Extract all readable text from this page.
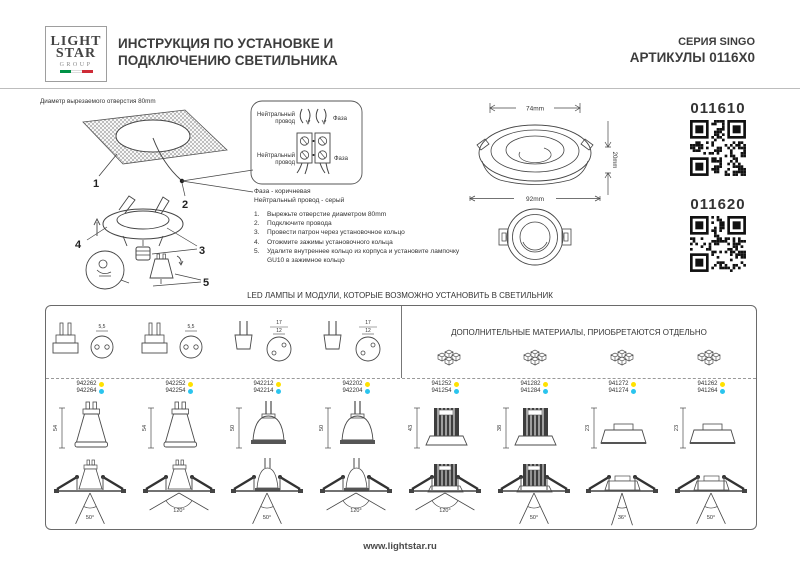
LIGHT
STAR
GROUP
ИНСТРУКЦИЯ ПО УСТАНОВКЕ И
ПОДКЛЮЧЕНИЮ СВЕТИЛЬНИКА
СЕРИЯ SINGO
АРТИКУЛЫ 0116Х0
Диаметр вырезаемого отверстия 80mm
1
2
4	3
5
Нейтральный
провод	Фаза
Нейтральный
провод
Фаза
Фаза - коричневая
Нейтральный провод - серый
1.	Вырежьте отверстие диаметром 80mm
2.	Подключите провода
3.	Провести патрон через установочное кольцо
4.	Отожмите зажимы установочного кольца
5.	Удалите внутреннее кольцо из корпуса и установите лампочку GU10 в зажимное кольцо
74mm
20mm
92mm
011610
011620
LED ЛАМПЫ И МОДУЛИ, КОТОРЫЕ ВОЗМОЖНО УСТАНОВИТЬ В СВЕТИЛЬНИК
5,5	5,5
17
12
17
12	ДОПОЛНИТЕЛЬНЫЕ МАТЕРИАЛЫ, ПРИОБРЕТАЮТСЯ ОТДЕЛЬНО
942262
942264
54
50°
942252
942254
54
120°
942212
942214
50
50°
942202
942204
50
120°
941252
941254
43
120°
941282
941284
38
50°
941272
941274
23
36°
941262
941264
23
50°
www.lightstar.ru
